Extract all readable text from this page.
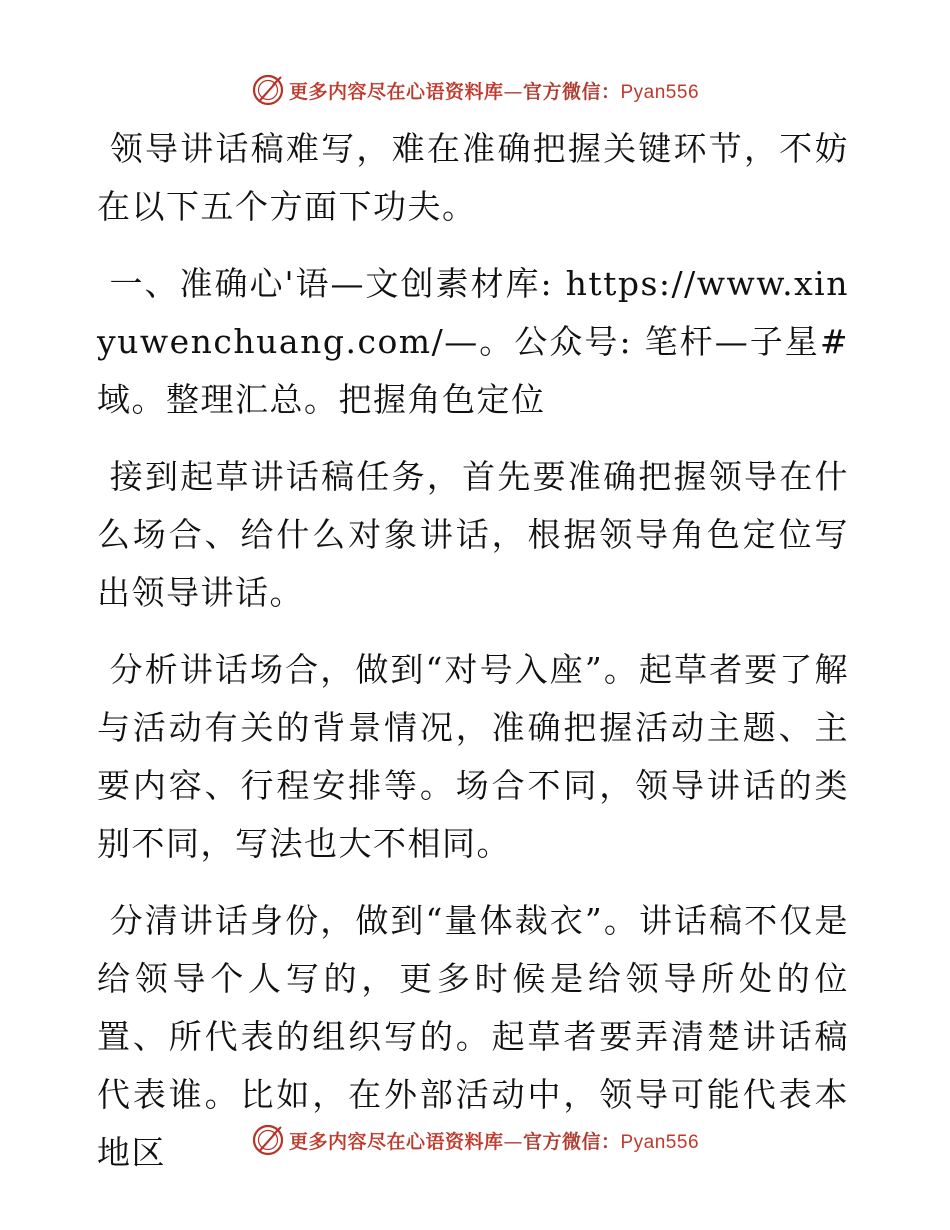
更多内容尽在心语资料库—官方微信：Pyan556

领导讲话稿难写，难在准确把握关键环节，不妨在以下五个方面下功夫。

一、准确心'语—文创素材库: https://www.xinyuwenchuang.com/—。公众号: 笔杆—子星#域。整理汇总。把握角色定位

接到起草讲话稿任务，首先要准确把握领导在什么场合、给什么对象讲话，根据领导角色定位写出领导讲话。

分析讲话场合，做到“对号入座”。起草者要了解与活动有关的背景情况，准确把握活动主题、主要内容、行程安排等。场合不同，领导讲话的类别不同，写法也大不相同。

分清讲话身份，做到“量体裁衣”。讲话稿不仅是给领导个人写的，更多时候是给领导所处的位置、所代表的组织写的。起草者要弄清楚讲话稿代表谁。比如，在外部活动中，领导可能代表本地区	更多内容尽在心语资料库—官方微信：Pyan556
